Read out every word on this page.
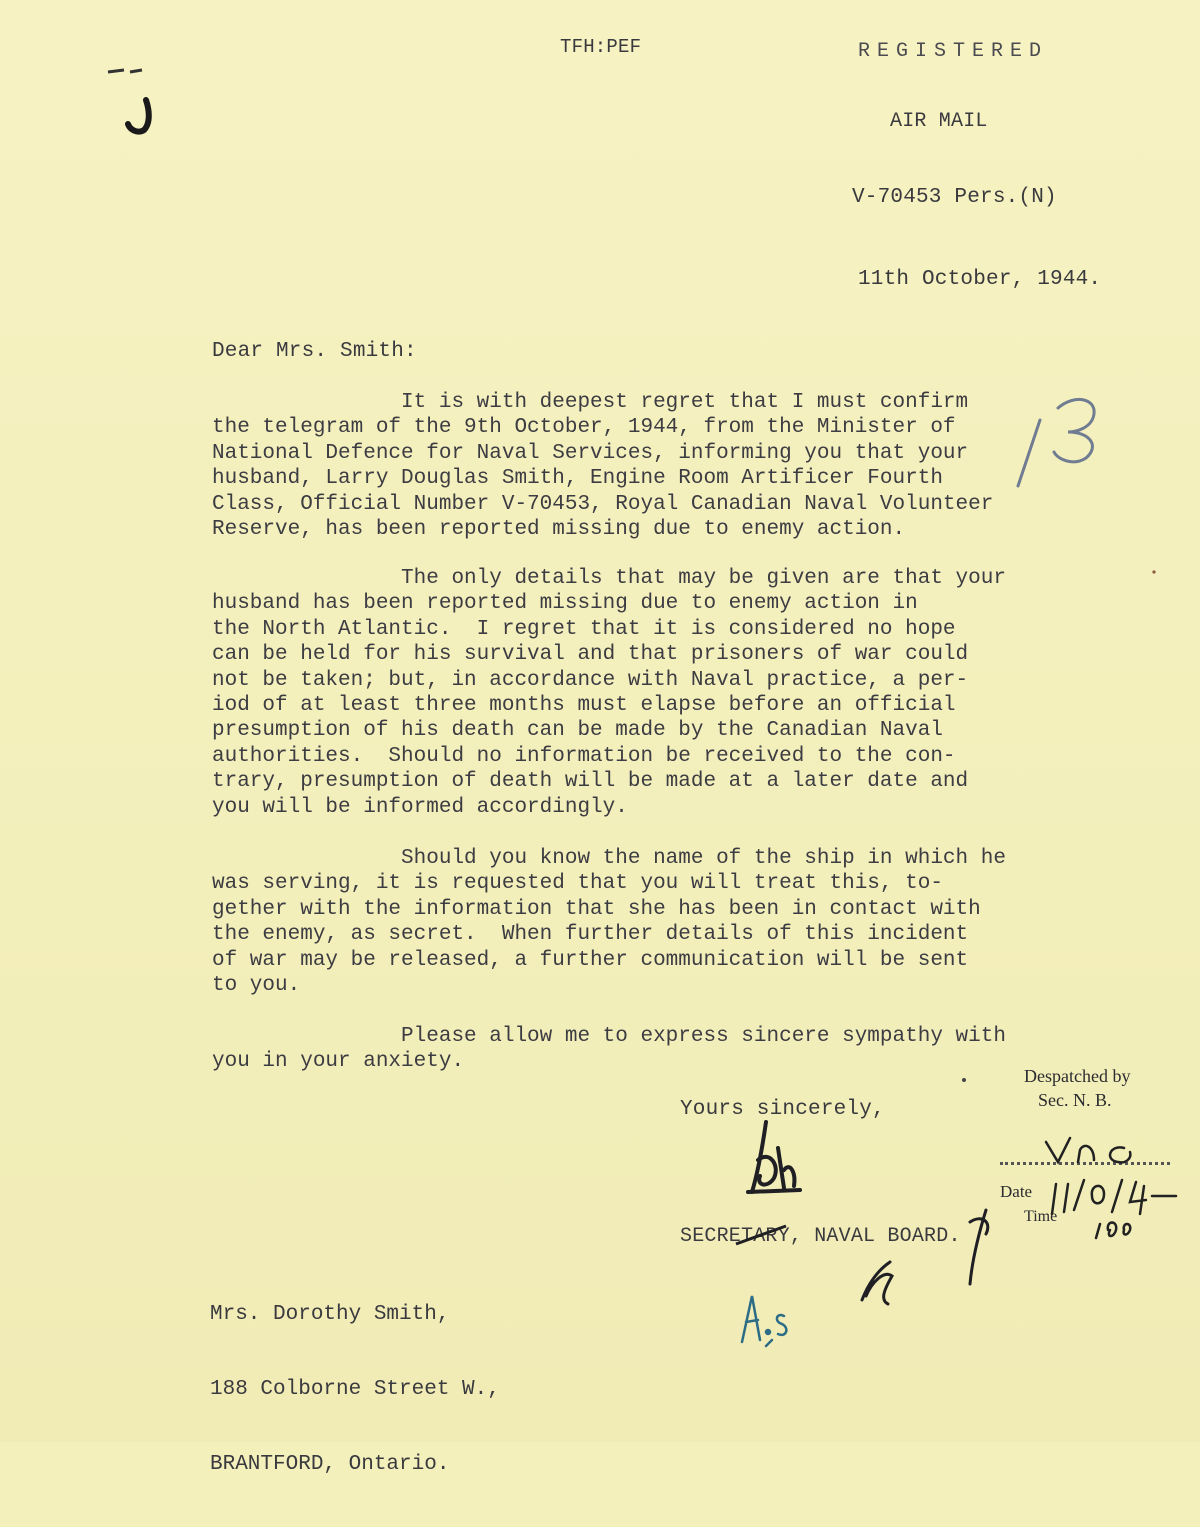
TFH:PEF	REGISTERED
AIR MAIL
V-70453 Pers.(N)
11th October, 1944.
Dear Mrs. Smith:
It is with deepest regret that I must confirm
the telegram of the 9th October, 1944, from the Minister of
National Defence for Naval Services, informing you that your
husband, Larry Douglas Smith, Engine Room Artificer Fourth
Class, Official Number V-70453, Royal Canadian Naval Volunteer
Reserve, has been reported missing due to enemy action.
The only details that may be given are that your
husband has been reported missing due to enemy action in
the North Atlantic.  I regret that it is considered no hope
can be held for his survival and that prisoners of war could
not be taken; but, in accordance with Naval practice, a per-
iod of at least three months must elapse before an official
presumption of his death can be made by the Canadian Naval
authorities.  Should no information be received to the con-
trary, presumption of death will be made at a later date and
you will be informed accordingly.
Should you know the name of the ship in which he
was serving, it is requested that you will treat this, to-
gether with the information that she has been in contact with
the enemy, as secret.  When further details of this incident
of war may be released, a further communication will be sent
to you.
Please allow me to express sincere sympathy with
you in your anxiety.
Yours sincerely,
SECRETARY, NAVAL BOARD.

Mrs. Dorothy Smith,

188 Colborne Street W.,

BRANTFORD, Ontario.

Despatched by
Sec. N. B.
Date
Time
